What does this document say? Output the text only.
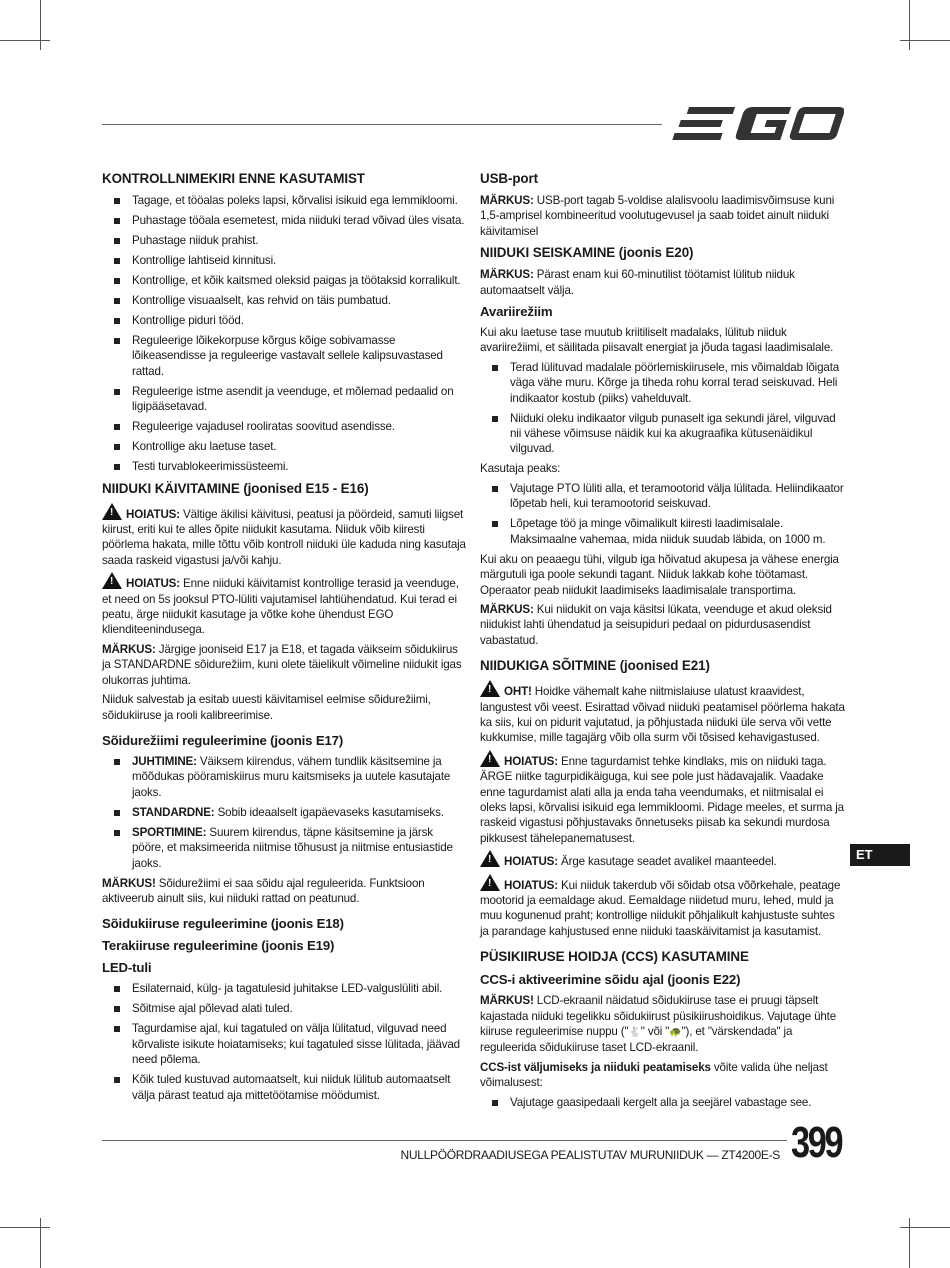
KONTROLLNIMEKIRI ENNE KASUTAMIST
Tagage, et tööalas poleks lapsi, kõrvalisi isikuid ega lemmikloomi.
Puhastage tööala esemetest, mida niiduki terad võivad üles visata.
Puhastage niiduk prahist.
Kontrollige lahtiseid kinnitusi.
Kontrollige, et kõik kaitsmed oleksid paigas ja töötaksid korralikult.
Kontrollige visuaalselt, kas rehvid on täis pumbatud.
Kontrollige piduri tööd.
Reguleerige lõikekorpuse kõrgus kõige sobivamasse lõikeasendisse ja reguleerige vastavalt sellele kalipsuvastased rattad.
Reguleerige istme asendit ja veenduge, et mõlemad pedaalid on ligipääsetavad.
Reguleerige vajadusel rooliratas soovitud asendisse.
Kontrollige aku laetuse taset.
Testi turvablokeerimissüsteemi.
NIIDUKI KÄIVITAMINE (joonised E15 - E16)

!HOIATUS: Vältige äkilisi käivitusi, peatusi ja pöördeid, samuti liigset kiirust, eriti kui te alles õpite niidukit kasutama. Niiduk võib kiiresti pöörlema hakata, mille tõttu võib kontroll niiduki üle kaduda ning kasutaja saada raskeid vigastusi ja/või kahju.

!HOIATUS: Enne niiduki käivitamist kontrollige terasid ja veenduge, et need on 5s jooksul PTO-lüliti vajutamisel lahtiühendatud. Kui terad ei peatu, ärge niidukit kasutage ja võtke kohe ühendust EGO klienditeenindusega.

MÄRKUS: Järgige jooniseid E17 ja E18, et tagada väikseim sõidukiirus ja STANDARDNE sõidurežiim, kuni olete täielikult võimeline niidukit igas olukorras juhtima.

Niiduk salvestab ja esitab uuesti käivitamisel eelmise sõidurežiimi, sõidukiiruse ja rooli kalibreerimise.

Sõidurežiimi reguleerimine (joonis E17)
JUHTIMINE: Väiksem kiirendus, vähem tundlik käsitsemine ja mõõdukas pööramiskiirus muru kaitsmiseks ja uutele kasutajate jaoks.
STANDARDNE: Sobib ideaalselt igapäevaseks kasutamiseks.
SPORTIMINE: Suurem kiirendus, täpne käsitsemine ja järsk pööre, et maksimeerida niitmise tõhusust ja niitmise entusiastide jaoks.

MÄRKUS! Sõidurežiimi ei saa sõidu ajal reguleerida. Funktsioon aktiveerub ainult siis, kui niiduki rattad on peatunud.

Sõidukiiruse reguleerimine (joonis E18)
Terakiiruse reguleerimine (joonis E19)
LED-tuli
Esilaternaid, külg- ja tagatulesid juhitakse LED-valguslüliti abil.
Sõitmise ajal põlevad alati tuled.
Tagurdamise ajal, kui tagatuled on välja lülitatud, vilguvad need kõrvaliste isikute hoiatamiseks; kui tagatuled sisse lülitada, jäävad need põlema.
Kõik tuled kustuvad automaatselt, kui niiduk lülitub automaatselt välja pärast teatud aja mittetöötamise möödumist.
USB-port

MÄRKUS: USB-port tagab 5-voldise alalisvoolu laadimisvõimsuse kuni 1,5-amprisel kombineeritud voolutugevusel ja saab toidet ainult niiduki käivitamisel

NIIDUKI SEISKAMINE (joonis E20)

MÄRKUS: Pärast enam kui 60-minutilist töötamist lülitub niiduk automaatselt välja.

Avariirežiim

Kui aku laetuse tase muutub kriitiliselt madalaks, lülitub niiduk avariirežiimi, et säilitada piisavalt energiat ja jõuda tagasi laadimisalale.

Terad lülituvad madalale pöörlemiskiirusele, mis võimaldab lõigata väga vähe muru. Kõrge ja tiheda rohu korral terad seiskuvad. Heli indikaator kostub (piiks) vahelduvalt.
Niiduki oleku indikaator vilgub punaselt iga sekundi järel, vilguvad nii vähese võimsuse näidik kui ka akugraafika kütusenäidikul vilguvad.

Kasutaja peaks:

Vajutage PTO lüliti alla, et teramootorid välja lülitada. Heliindikaator lõpetab heli, kui teramootorid seiskuvad.
Lõpetage töö ja minge võimalikult kiiresti laadimisalale. Maksimaalne vahemaa, mida niiduk suudab läbida, on 1000 m.

Kui aku on peaaegu tühi, vilgub iga hõivatud akupesa ja vähese energia märgutuli iga poole sekundi tagant. Niiduk lakkab kohe töötamast. Operaator peab niidukit laadimiseks laadimisalale transportima.

MÄRKUS: Kui niidukit on vaja käsitsi lükata, veenduge et akud oleksid niidukist lahti ühendatud ja seisupiduri pedaal on pidurdusasendist vabastatud.

NIIDUKIGA SÕITMINE (joonised E21)

!OHT! Hoidke vähemalt kahe niitmislaiuse ulatust kraavidest, langustest või veest. Esirattad võivad niiduki peatamisel pöörlema hakata ka siis, kui on pidurit vajutatud, ja põhjustada niiduki üle serva või vette kukkumise, mille tagajärg võib olla surm või tõsised kehavigastused.

!HOIATUS: Enne tagurdamist tehke kindlaks, mis on niiduki taga. ÄRGE niitke tagurpidikäiguga, kui see pole just hädavajalik. Vaadake enne tagurdamist alati alla ja enda taha veendumaks, et niitmisalal ei oleks lapsi, kõrvalisi isikuid ega lemmikloomi. Pidage meeles, et surma ja raskeid vigastusi põhjustavaks õnnetuseks piisab ka sekundi murdosa pikkusest tähelepanematusest.

!HOIATUS: Ärge kasutage seadet avalikel maanteedel.

!HOIATUS: Kui niiduk takerdub või sõidab otsa võõrkehale, peatage mootorid ja eemaldage akud. Eemaldage niidetud muru, lehed, muld ja muu kogunenud praht; kontrollige niidukit põhjalikult kahjustuste suhtes ja parandage kahjustused enne niiduki taaskäivitamist ja kasutamist.

PÜSIKIIRUSE HOIDJA (CCS) KASUTAMINE
CCS-i aktiveerimine sõidu ajal (joonis E22)

MÄRKUS! LCD-ekraanil näidatud sõidukiiruse tase ei pruugi täpselt kajastada niiduki tegelikku sõidukiirust püsikiirushoidikus. Vajutage ühte kiiruse reguleerimise nuppu ("🐇" või "🐢"), et "värskendada" ja reguleerida sõidukiiruse taset LCD-ekraanil.

CCS-ist väljumiseks ja niiduki peatamiseks võite valida ühe neljast võimalusest:

Vajutage gaasipedaali kergelt alla ja seejärel vabastage see.
ET
NULLPÖÖRDRAADIUSEGA PEALISTUTAV MURUNIIDUK — ZT4200E-S 399
